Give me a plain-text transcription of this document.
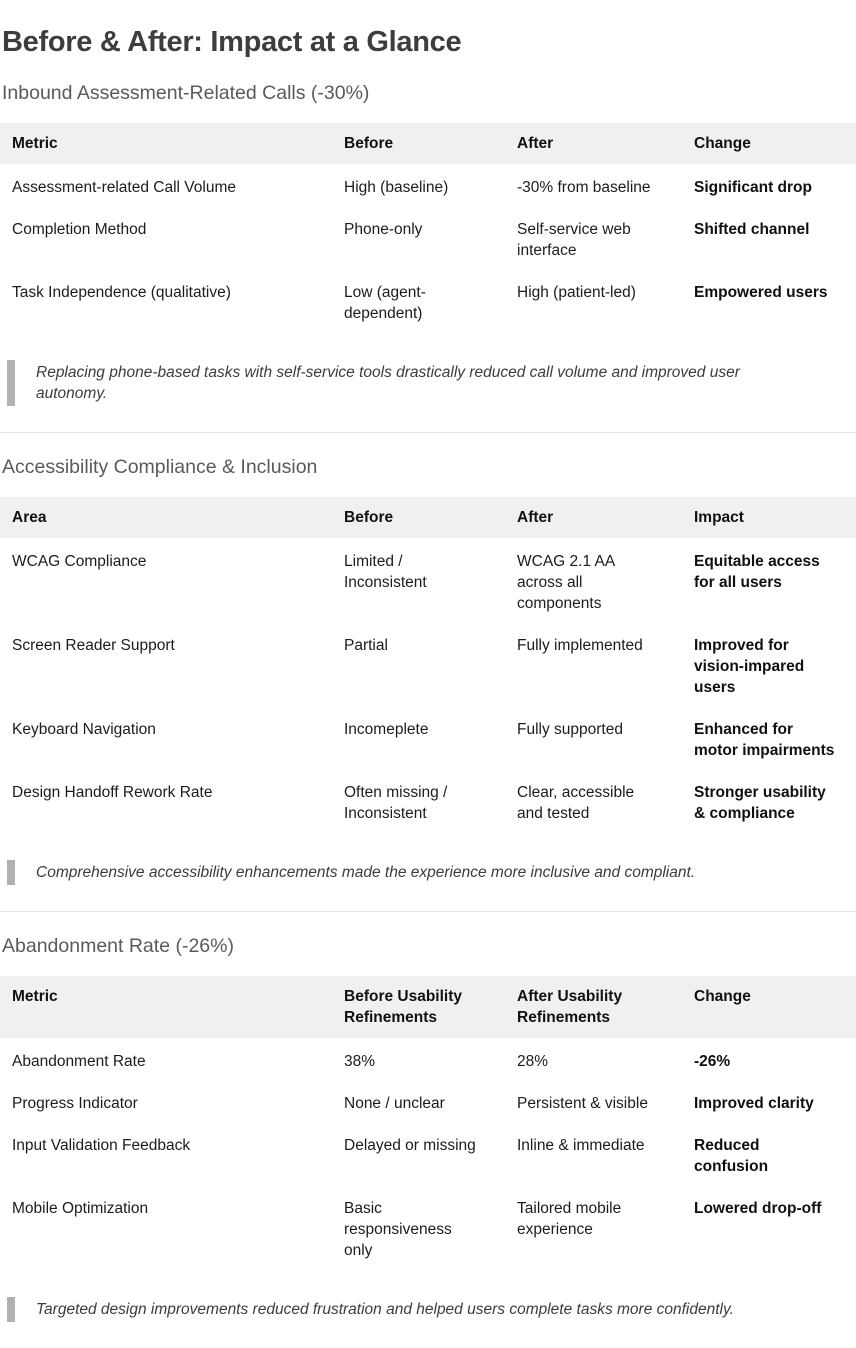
Before & After: Impact at a Glance
Inbound Assessment-Related Calls (-30%)
Metric	Before	After	Change
Assessment-related Call Volume	High (baseline)	-30% from baseline	Significant drop
Completion Method	Phone-only	Self-service web interface	Shifted channel
Task Independence (qualitative)	Low (agent-dependent)	High (patient-led)	Empowered users
Replacing phone-based tasks with self-service tools drastically reduced call volume and improved user autonomy.
Accessibility Compliance & Inclusion
Area	Before	After	Impact
WCAG Compliance	Limited / Inconsistent	WCAG 2.1 AA across all components	Equitable access for all users
Screen Reader Support	Partial	Fully implemented	Improved for vision-impared users
Keyboard Navigation	Incomeplete	Fully supported	Enhanced for motor impairments
Design Handoff Rework Rate	Often missing / Inconsistent	Clear, accessible and tested	Stronger usability & compliance
Comprehensive accessibility enhancements made the experience more inclusive and compliant.
Abandonment Rate (-26%)
Metric	Before Usability Refinements	After Usability Refinements	Change
Abandonment Rate	38%	28%	-26%
Progress Indicator	None / unclear	Persistent & visible	Improved clarity
Input Validation Feedback	Delayed or missing	Inline & immediate	Reduced confusion
Mobile Optimization	Basic responsiveness only	Tailored mobile experience	Lowered drop-off
Targeted design improvements reduced frustration and helped users complete tasks more confidently.
